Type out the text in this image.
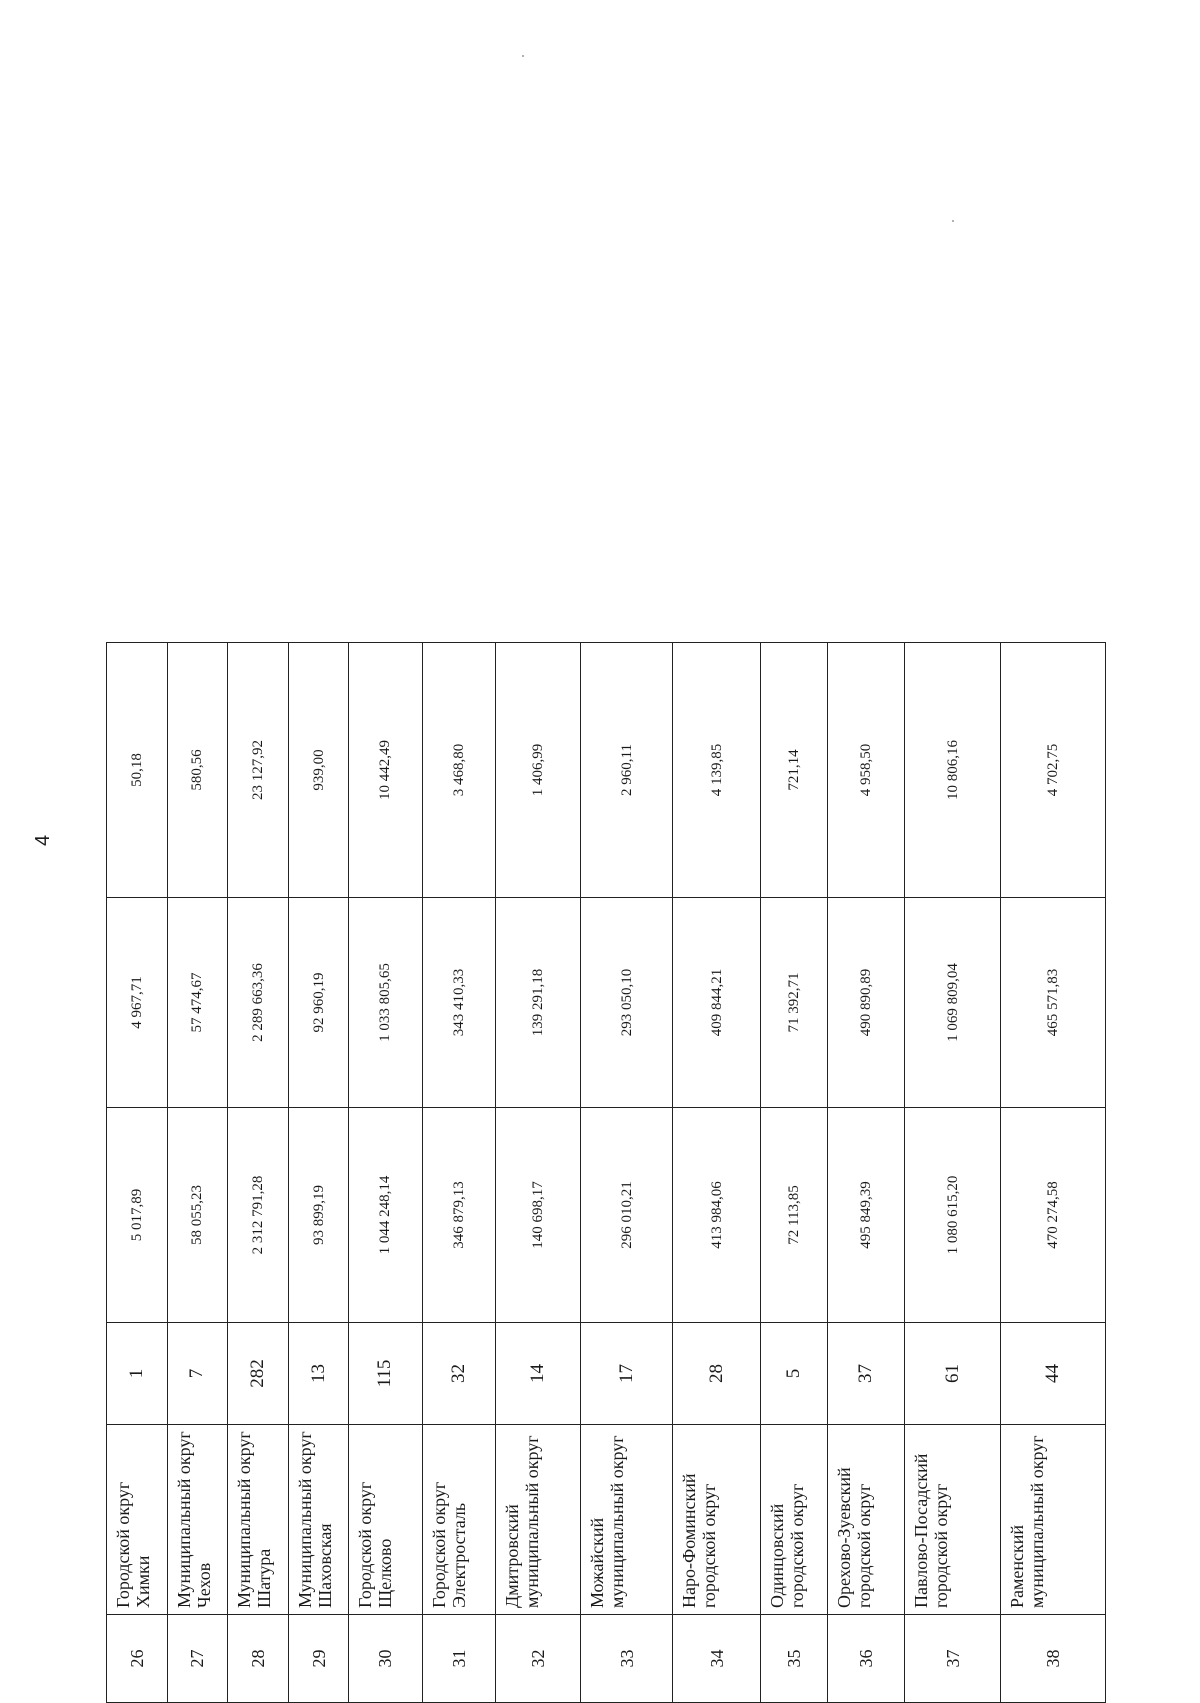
4
26	Городской округ Химки	1	5 017,89	4 967,71	50,18
27	Муниципальный округ Чехов	7	58 055,23	57 474,67	580,56
28	Муниципальный округ Шатура	282	2 312 791,28	2 289 663,36	23 127,92
29	Муниципальный округ Шаховская	13	93 899,19	92 960,19	939,00
30	Городской округ Щелково	115	1 044 248,14	1 033 805,65	10 442,49
31	Городской округ Электросталь	32	346 879,13	343 410,33	3 468,80
32	Дмитровский муниципальный округ	14	140 698,17	139 291,18	1 406,99
33	Можайский муниципальный округ	17	296 010,21	293 050,10	2 960,11
34	Наро-Фоминский городской округ	28	413 984,06	409 844,21	4 139,85
35	Одинцовский городской округ	5	72 113,85	71 392,71	721,14
36	Орехово-Зуевский городской округ	37	495 849,39	490 890,89	4 958,50
37	Павлово-Посадский городской округ	61	1 080 615,20	1 069 809,04	10 806,16
38	Раменский муниципальный округ	44	470 274,58	465 571,83	4 702,75
